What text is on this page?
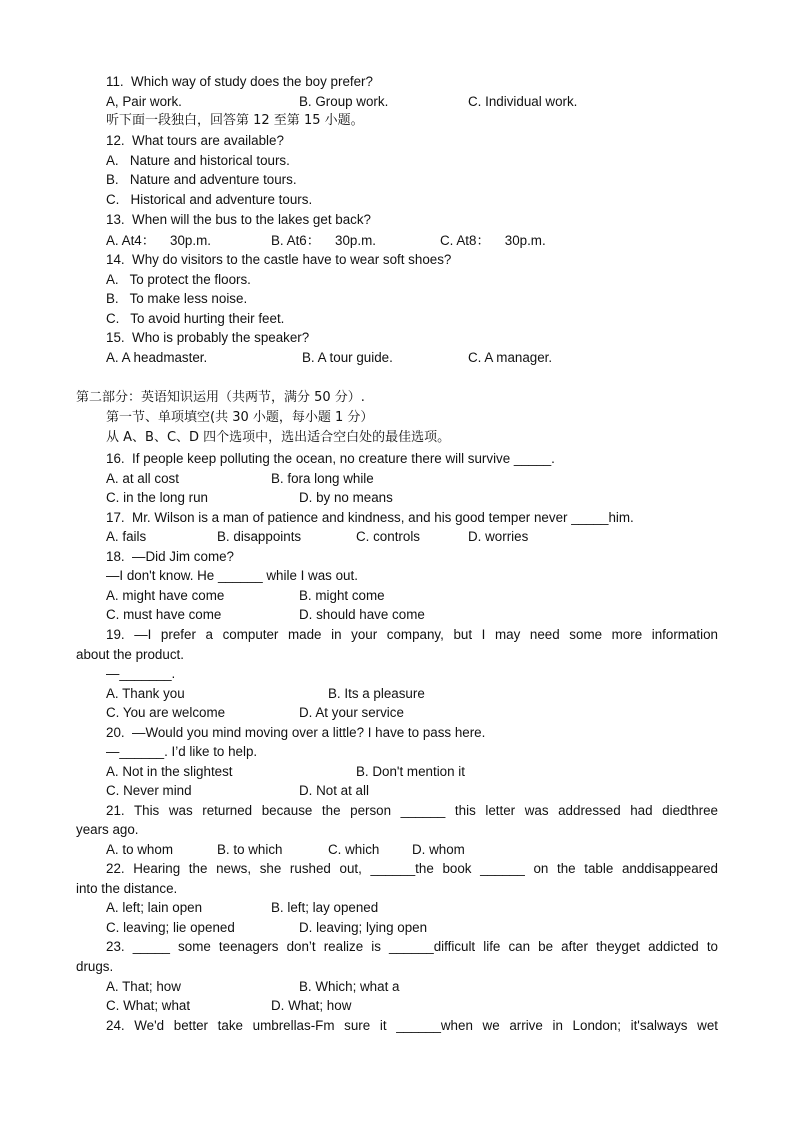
11.  Which way of study does the boy prefer?
A, Pair work.	B. Group work.	C. Individual work.
听下面一段独白，回答第 12 至第 15 小题。
12.  What tours are available?
A.   Nature and historical tours.
B.   Nature and adventure tours.
C.   Historical and adventure tours.
13.  When will the bus to the lakes get back?
A. At4：    30p.m.	B. At6：    30p.m.	C. At8：    30p.m.
14.  Why do visitors to the castle have to wear soft shoes?
A.   To protect the floors.
B.   To make less noise.
C.   To avoid hurting their feet.
15.  Who is probably the speaker?
A. A headmaster.	B. A tour guide.	C. A manager.
第二部分：英语知识运用（共两节，满分 50 分）.
第一节、单项填空(共 30 小题，每小题 1 分）
从 A、B、C、D 四个选项中，选出适合空白处的最佳选项。
16.  If people keep polluting the ocean, no creature there will survive _____.
A. at all cost	B. fora long while
C. in the long run	D. by no means
17.  Mr. Wilson is a man of patience and kindness, and his good temper never _____him.
A. fails	B. disappoints	C. controls	D. worries
18.  —Did Jim come?
—I don't know. He ______ while I was out.
A. might have come	B. might come
C. must have come	D. should have come
19. —I prefer a computer made in your company, but I may need some more information
about the product.
—_______.
A. Thank you	B. Its a pleasure
C. You are welcome	D. At your service
20.  —Would you mind moving over a little? I have to pass here.
—______. I’d like to help.
A. Not in the slightest	B. Don't mention it
C. Never mind	D. Not at all
21. This was returned because the person ______ this letter was addressed had diedthree
years ago.
A. to whom	B. to which	C. which D. whom
22. Hearing the news, she rushed out, ______the book ______ on the table anddisappeared
into the distance.
A. left; lain open	B. left; lay opened
C. leaving; lie opened	D. leaving; lying open
23. _____ some teenagers don’t realize is ______difficult life can be after theyget addicted to
drugs.
A. That; how	B. Which; what a
C. What; what	D. What; how
24. We'd better take umbrellas-Fm sure it ______when we arrive in London; it'salways wet
